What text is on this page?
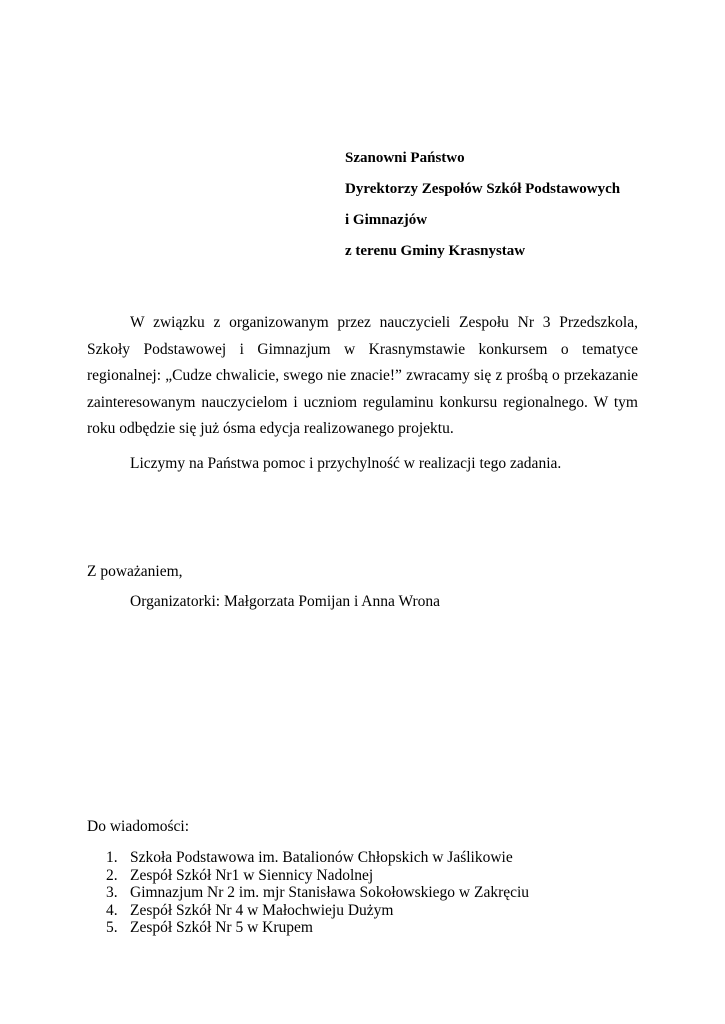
Szanowni Państwo
Dyrektorzy Zespołów Szkół Podstawowych
i Gimnazjów
z terenu Gminy Krasnystaw

W związku z organizowanym przez nauczycieli Zespołu Nr 3 Przedszkola, Szkoły Podstawowej i Gimnazjum w Krasnymstawie konkursem o tematyce regionalnej: „Cudze chwalicie, swego nie znacie!” zwracamy się z prośbą o przekazanie zainteresowanym nauczycielom i uczniom regulaminu konkursu regionalnego. W tym roku odbędzie się już ósma edycja realizowanego projektu.

Liczymy na Państwa pomoc i przychylność w realizacji tego zadania.

Z poważaniem,
Organizatorki: Małgorzata Pomijan i Anna Wrona
Do wiadomości:
1. Szkoła Podstawowa im. Batalionów Chłopskich w Jaślikowie
2. Zespół Szkół Nr1 w Siennicy Nadolnej
3. Gimnazjum Nr 2 im. mjr Stanisława Sokołowskiego w Zakręciu
4. Zespół Szkół Nr 4 w Małochwieju Dużym
5. Zespół Szkół Nr 5 w Krupem
